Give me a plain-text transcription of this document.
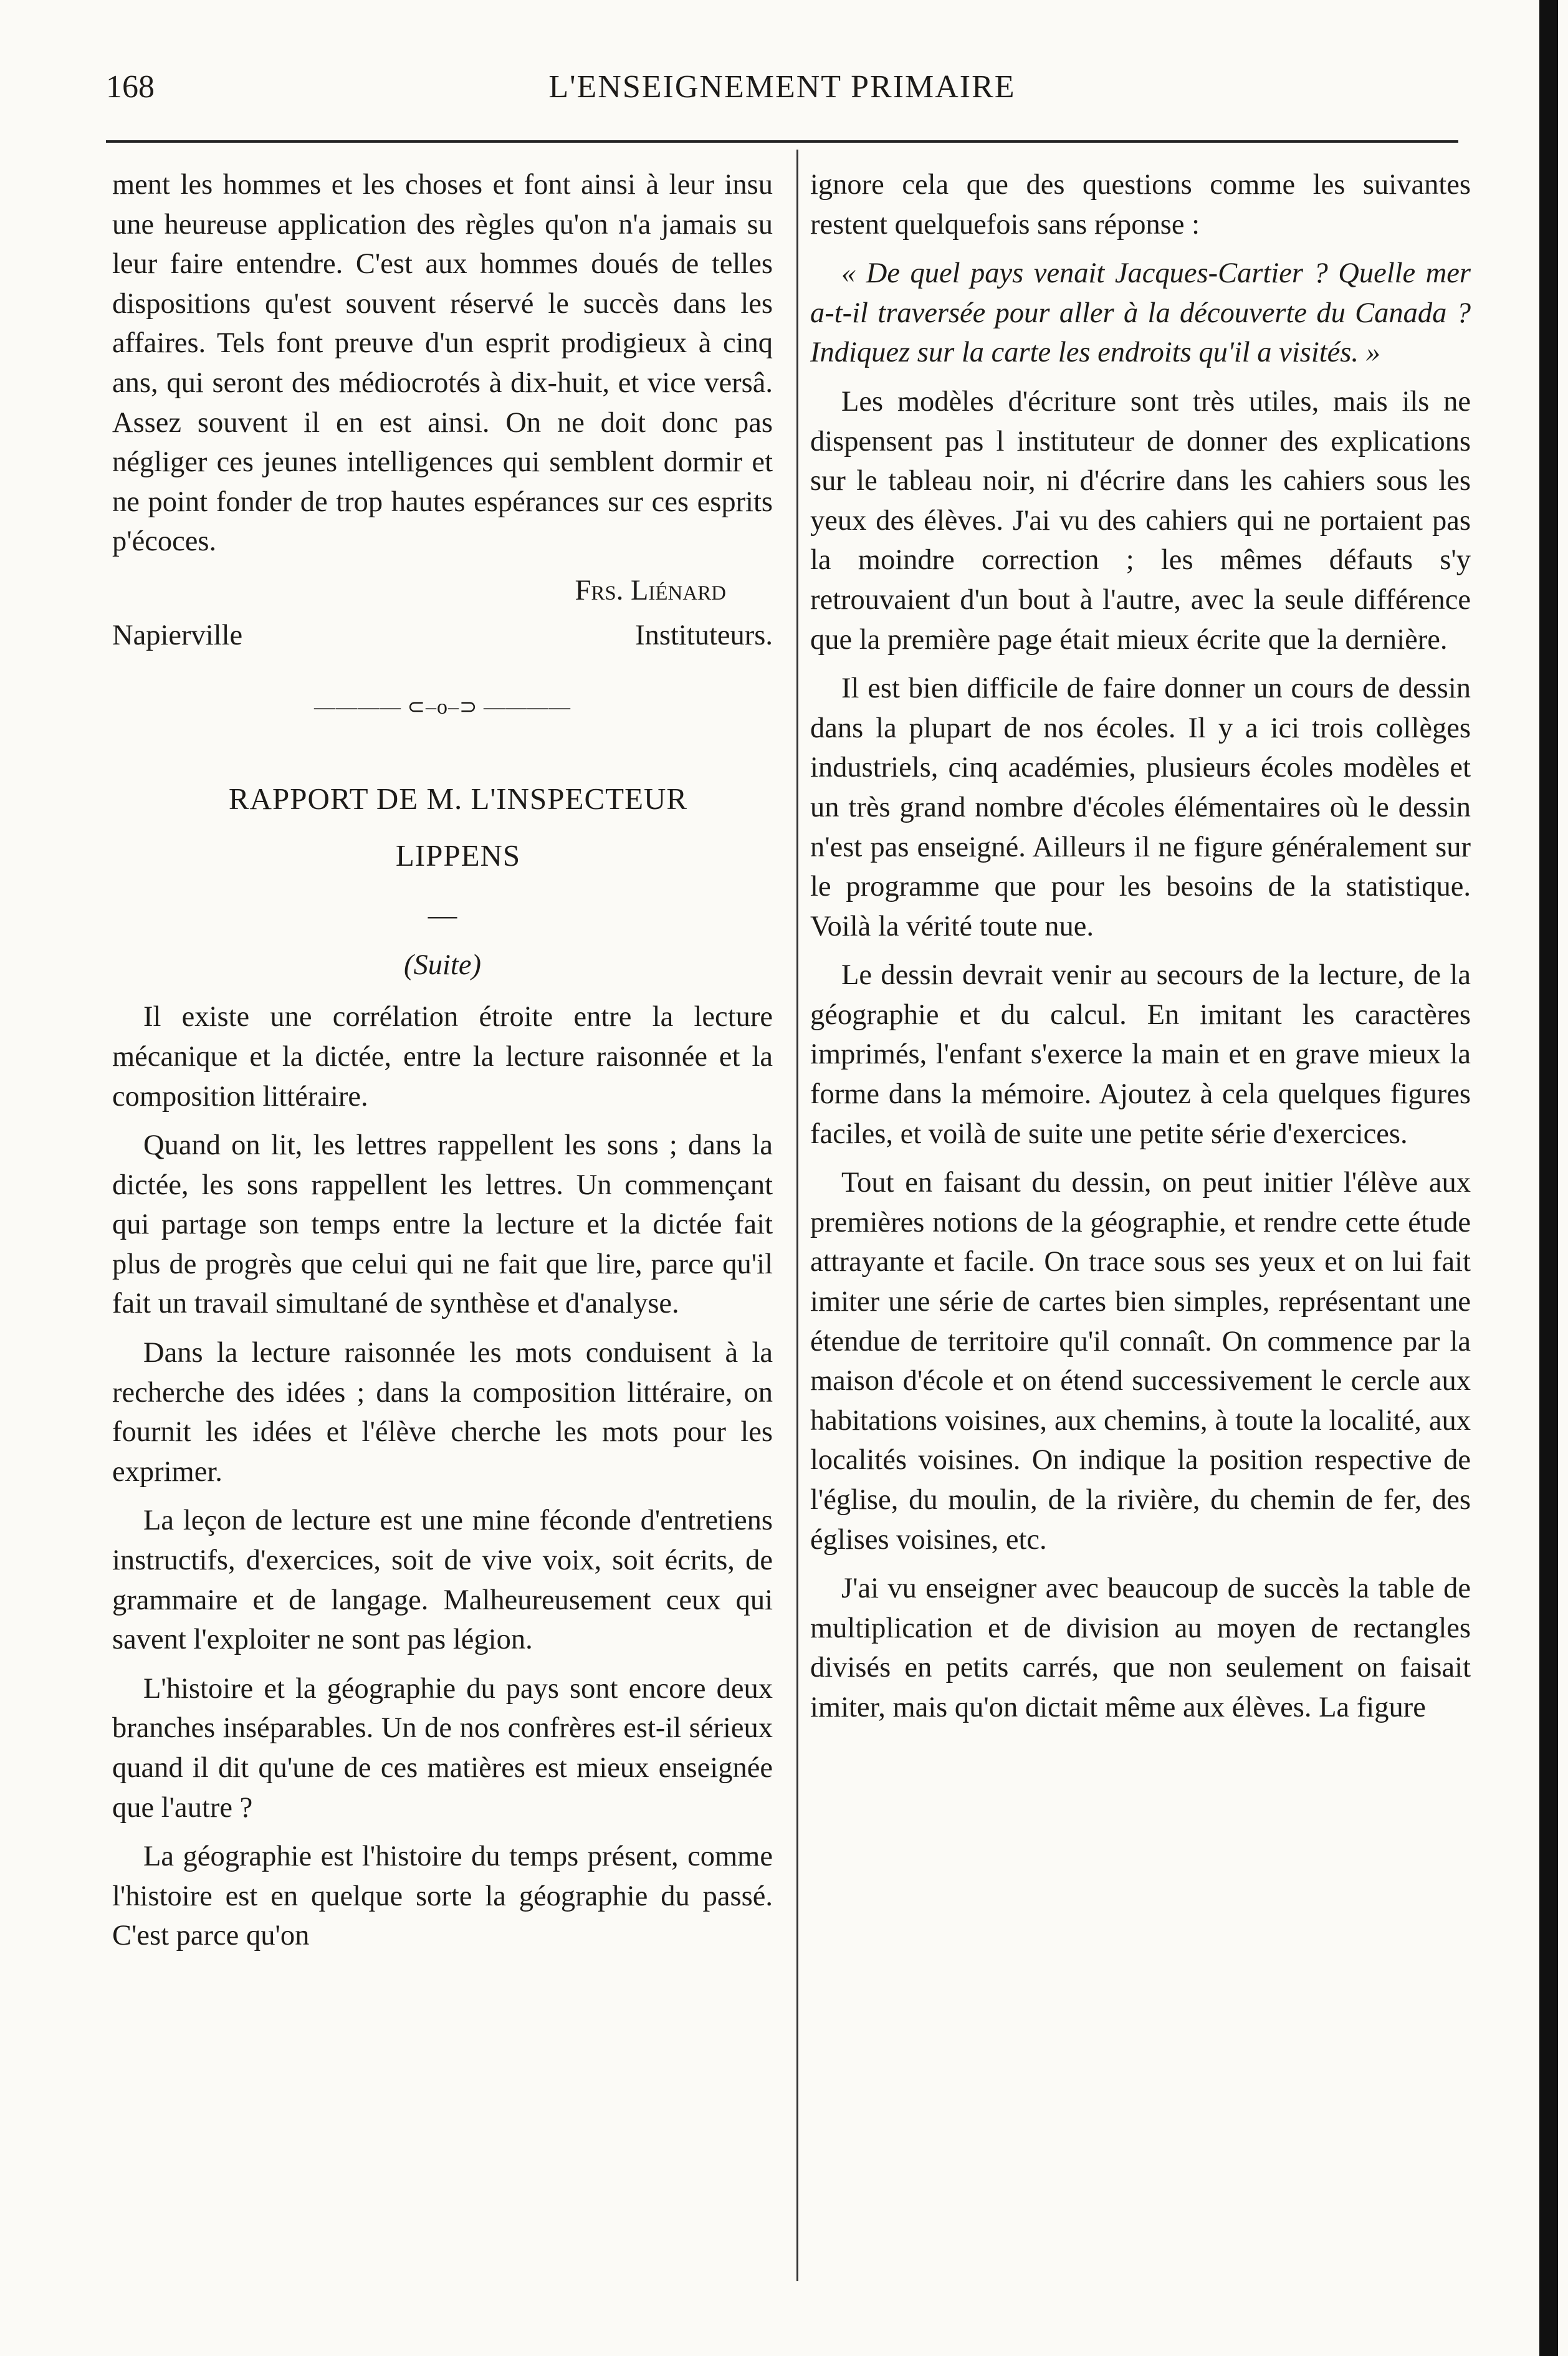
L'ENSEIGNEMENT PRIMAIRE
168

ment les hommes et les choses et font ainsi à leur insu une heureuse application des règles qu'on n'a jamais su leur faire entendre. C'est aux hommes doués de telles dispositions qu'est souvent réservé le succès dans les affaires. Tels font preuve d'un esprit prodigieux à cinq ans, qui seront des médiocrotés à dix-huit, et vice versâ. Assez souvent il en est ainsi. On ne doit donc pas négliger ces jeunes intelligences qui semblent dormir et ne point fonder de trop hautes espérances sur ces esprits p'écoces.

Frs. Liénard
Napierville	Instituteurs.
———— ⊂–o–⊃ ————

RAPPORT DE M. L'INSPECTEUR

LIPPENS

—
(Suite)

Il existe une corrélation étroite entre la lecture mécanique et la dictée, entre la lecture raisonnée et la composition littéraire.

Quand on lit, les lettres rappellent les sons ; dans la dictée, les sons rappellent les lettres. Un commençant qui partage son temps entre la lecture et la dictée fait plus de progrès que celui qui ne fait que lire, parce qu'il fait un travail simultané de synthèse et d'analyse.

Dans la lecture raisonnée les mots conduisent à la recherche des idées ; dans la composition littéraire, on fournit les idées et l'élève cherche les mots pour les exprimer.

La leçon de lecture est une mine féconde d'entretiens instructifs, d'exercices, soit de vive voix, soit écrits, de grammaire et de langage. Malheureusement ceux qui savent l'exploiter ne sont pas légion.

L'histoire et la géographie du pays sont encore deux branches inséparables. Un de nos confrères est-il sérieux quand il dit qu'une de ces matières est mieux enseignée que l'autre ?

La géographie est l'histoire du temps présent, comme l'histoire est en quelque sorte la géographie du passé. C'est parce qu'on

ignore cela que des questions comme les suivantes restent quelquefois sans réponse :

« De quel pays venait Jacques-Cartier ? Quelle mer a-t-il traversée pour aller à la découverte du Canada ? Indiquez sur la carte les endroits qu'il a visités. »

Les modèles d'écriture sont très utiles, mais ils ne dispensent pas l instituteur de donner des explications sur le tableau noir, ni d'écrire dans les cahiers sous les yeux des élèves. J'ai vu des cahiers qui ne portaient pas la moindre correction ; les mêmes défauts s'y retrouvaient d'un bout à l'autre, avec la seule différence que la première page était mieux écrite que la dernière.

Il est bien difficile de faire donner un cours de dessin dans la plupart de nos écoles. Il y a ici trois collèges industriels, cinq académies, plusieurs écoles modèles et un très grand nombre d'écoles élémentaires où le dessin n'est pas enseigné. Ailleurs il ne figure généralement sur le programme que pour les besoins de la statistique. Voilà la vérité toute nue.

Le dessin devrait venir au secours de la lecture, de la géographie et du calcul. En imitant les caractères imprimés, l'enfant s'exerce la main et en grave mieux la forme dans la mémoire. Ajoutez à cela quelques figures faciles, et voilà de suite une petite série d'exercices.

Tout en faisant du dessin, on peut initier l'élève aux premières notions de la géographie, et rendre cette étude attrayante et facile. On trace sous ses yeux et on lui fait imiter une série de cartes bien simples, représentant une étendue de territoire qu'il connaît. On commence par la maison d'école et on étend successivement le cercle aux habitations voisines, aux chemins, à toute la localité, aux localités voisines. On indique la position respective de l'église, du moulin, de la rivière, du chemin de fer, des églises voisines, etc.

J'ai vu enseigner avec beaucoup de succès la table de multiplication et de division au moyen de rectangles divisés en petits carrés, que non seulement on faisait imiter, mais qu'on dictait même aux élèves. La figure
